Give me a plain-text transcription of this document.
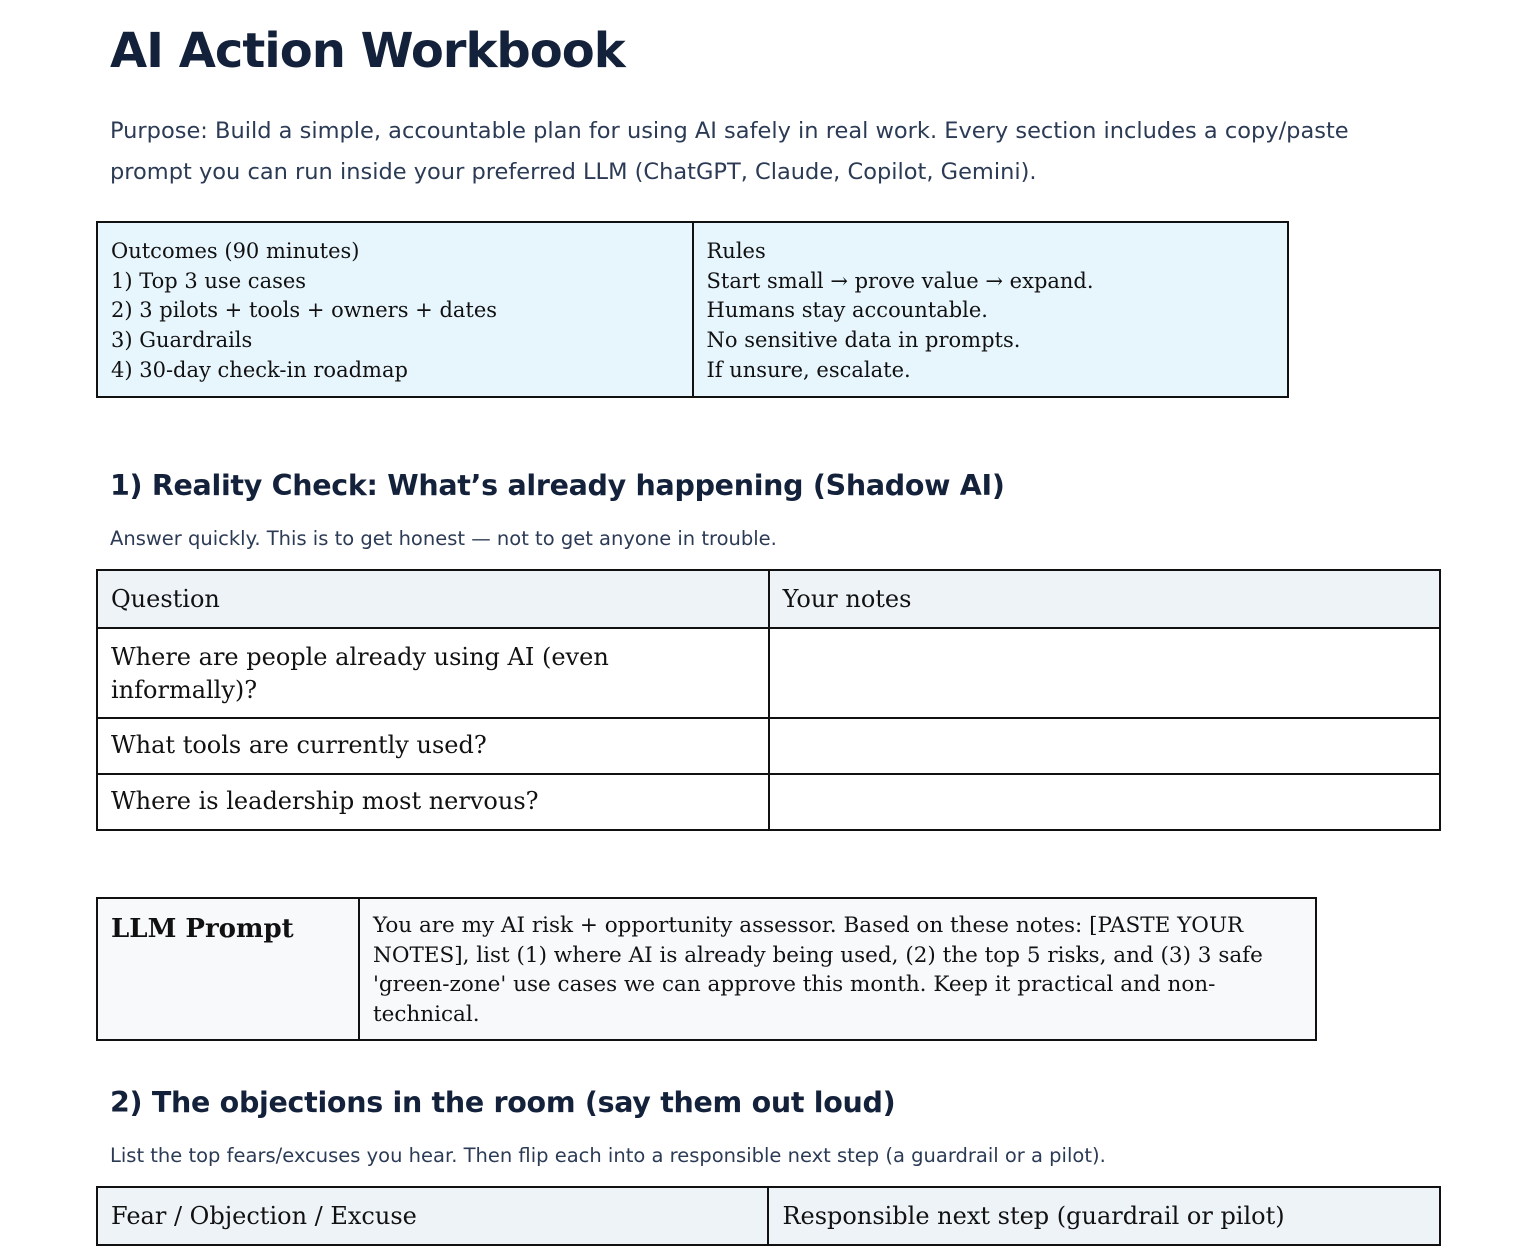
AI Action Workbook

Purpose: Build a simple, accountable plan for using AI safely in real work. Every section includes a copy/paste prompt you can run inside your preferred LLM (ChatGPT, Claude, Copilot, Gemini).

Outcomes (90 minutes)
1) Top 3 use cases
2) 3 pilots + tools + owners + dates
3) Guardrails
4) 30-day check-in roadmap

Rules
Start small → prove value → expand.
Humans stay accountable.
No sensitive data in prompts.
If unsure, escalate.
1) Reality Check: What’s already happening (Shadow AI)

Answer quickly. This is to get honest — not to get anyone in trouble.

Question	Your notes
Where are people already using AI (even informally)?	
What tools are currently used?	
Where is leadership most nervous?	
LLM Prompt	You are my AI risk + opportunity assessor. Based on these notes: [PASTE YOUR NOTES], list (1) where AI is already being used, (2) the top 5 risks, and (3) 3 safe 'green-zone' use cases we can approve this month. Keep it practical and non-technical.
2) The objections in the room (say them out loud)

List the top fears/excuses you hear. Then flip each into a responsible next step (a guardrail or a pilot).

Fear / Objection / Excuse	Responsible next step (guardrail or pilot)
